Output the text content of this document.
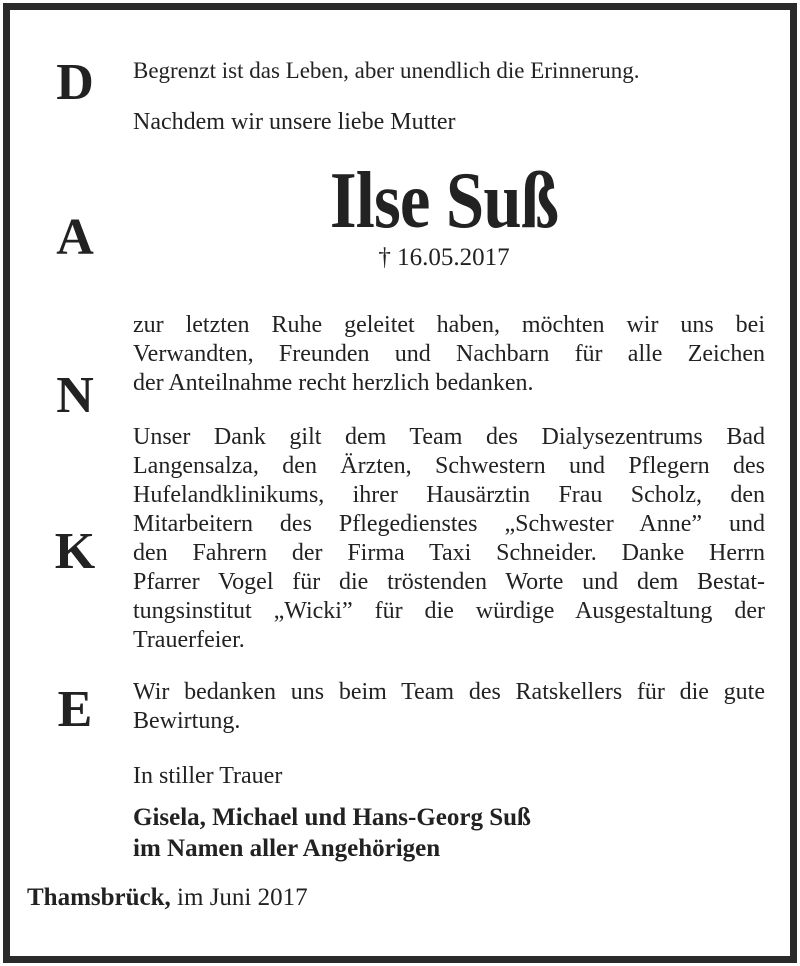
D
A
N
K
E
Begrenzt ist das Leben, aber unendlich die Erinnerung.
Nachdem wir unsere liebe Mutter
Ilse Suß
† 16.05.2017
zur letzten Ruhe geleitet haben, möchten wir uns bei
Verwandten, Freunden und Nachbarn für alle Zeichen
der Anteilnahme recht herzlich bedanken.
Unser Dank gilt dem Team des Dialysezentrums Bad
Langensalza, den Ärzten, Schwestern und Pflegern des
Hufelandklinikums, ihrer Hausärztin Frau Scholz, den
Mitarbeitern des Pflegedienstes „Schwester Anne” und
den Fahrern der Firma Taxi Schneider. Danke Herrn
Pfarrer Vogel für die tröstenden Worte und dem Bestat-
tungsinstitut „Wicki” für die würdige Ausgestaltung der
Trauerfeier.
Wir bedanken uns beim Team des Ratskellers für die gute
Bewirtung.
In stiller Trauer
Gisela, Michael und Hans-Georg Suß
im Namen aller Angehörigen
Thamsbrück, im Juni 2017
